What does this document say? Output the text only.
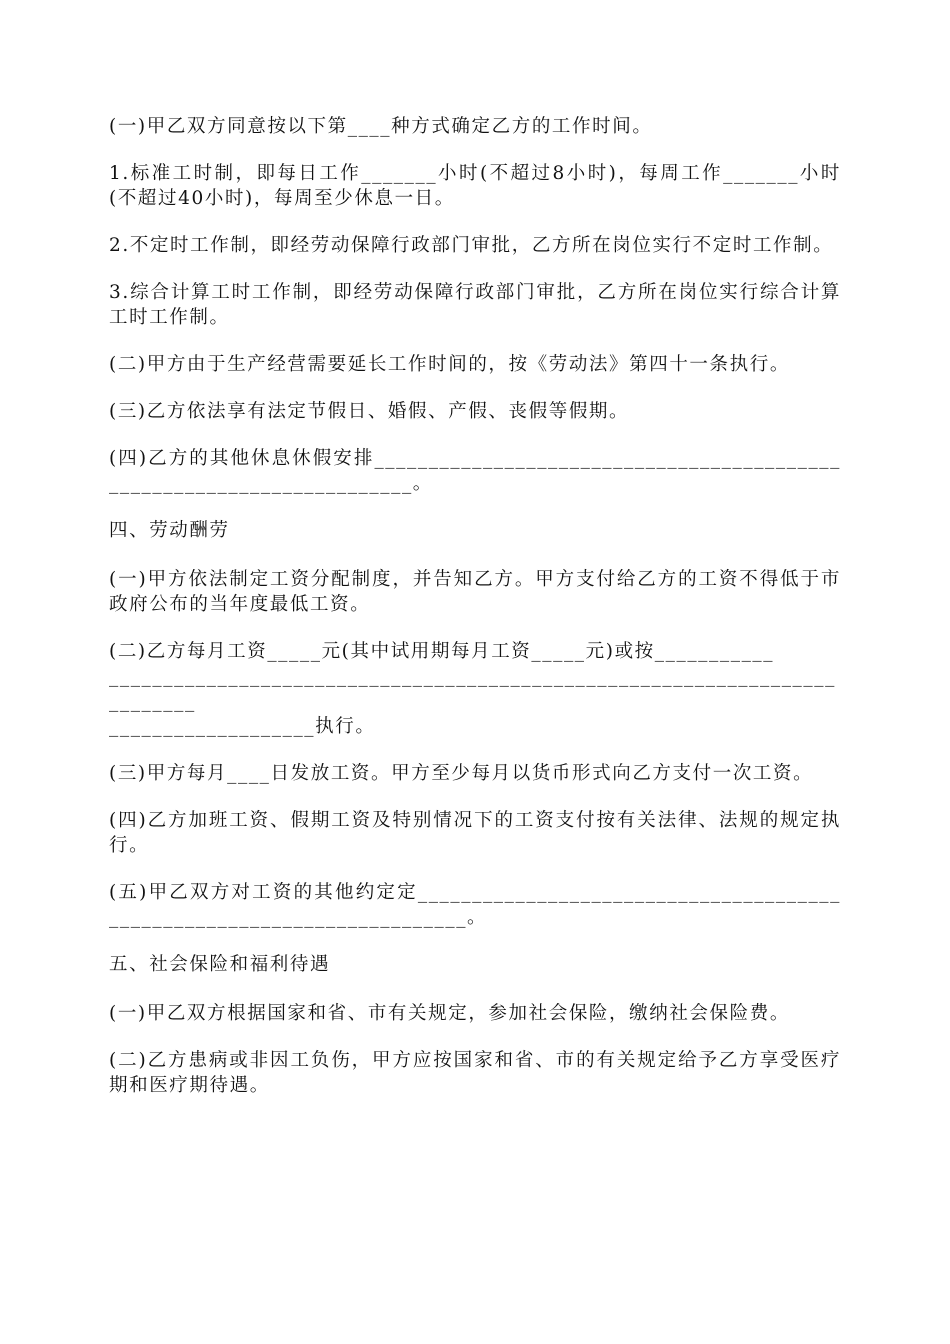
(一)甲乙双方同意按以下第____种方式确定乙方的工作时间。

1.标准工时制，即每日工作_______小时(不超过8小时)，每周工作_______小时(不超过40小时)，每周至少休息一日。

2.不定时工作制，即经劳动保障行政部门审批，乙方所在岗位实行不定时工作制。

3.综合计算工时工作制，即经劳动保障行政部门审批，乙方所在岗位实行综合计算工时工作制。

(二)甲方由于生产经营需要延长工作时间的，按《劳动法》第四十一条执行。

(三)乙方依法享有法定节假日、婚假、产假、丧假等假期。

(四)乙方的其他休息休假安排_______________________________________________________________________。

四、劳动酬劳

(一)甲方依法制定工资分配制度，并告知乙方。甲方支付给乙方的工资不得低于市政府公布的当年度最低工资。

(二)乙方每月工资_____元(其中试用期每月工资_____元)或按___________

___________________________________________________________________________

___________________执行。

(三)甲方每月____日发放工资。甲方至少每月以货币形式向乙方支付一次工资。

(四)乙方加班工资、假期工资及特别情况下的工资支付按有关法律、法规的规定执行。

(五)甲乙双方对工资的其他约定定________________________________________________________________________。

五、社会保险和福利待遇

(一)甲乙双方根据国家和省、市有关规定，参加社会保险，缴纳社会保险费。

(二)乙方患病或非因工负伤，甲方应按国家和省、市的有关规定给予乙方享受医疗期和医疗期待遇。
